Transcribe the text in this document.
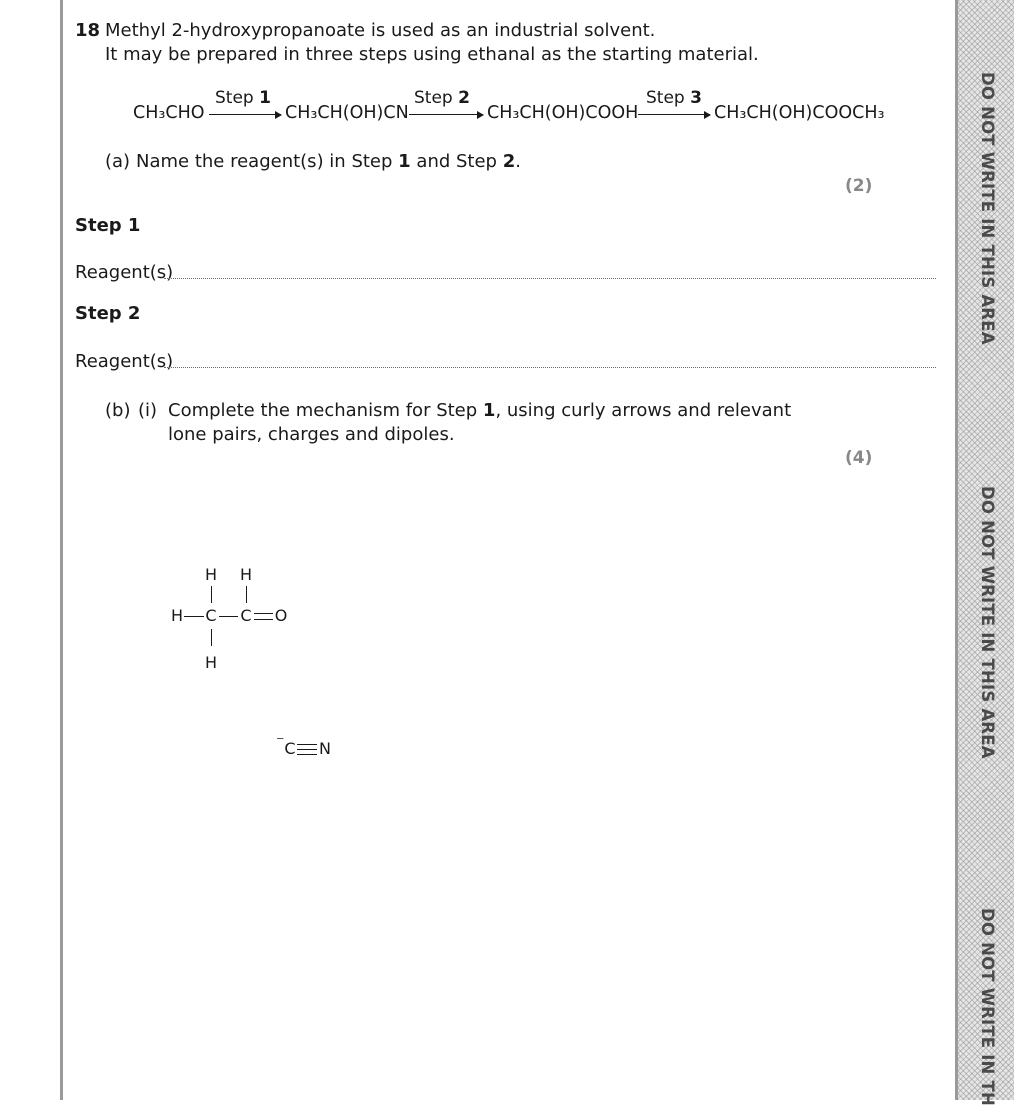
DO NOT WRITE IN THIS AREA
DO NOT WRITE IN THIS AREA
DO NOT WRITE IN TH
18 Methyl 2-hydroxypropanoate is used as an industrial solvent.
It may be prepared in three steps using ethanal as the starting material.
CH₃CHO
Step 1
CH₃CH(OH)CN
Step 2
CH₃CH(OH)COOH
Step 3
CH₃CH(OH)COOCH₃
(a) Name the reagent(s) in Step 1 and Step 2.
(2)
Step 1
Reagent(s)
Step 2
Reagent(s)
(b) (i) Complete the mechanism for Step 1, using curly arrows and relevant
lone pairs, charges and dipoles.
(4)
H H
H C C O
H
⁻ C N
